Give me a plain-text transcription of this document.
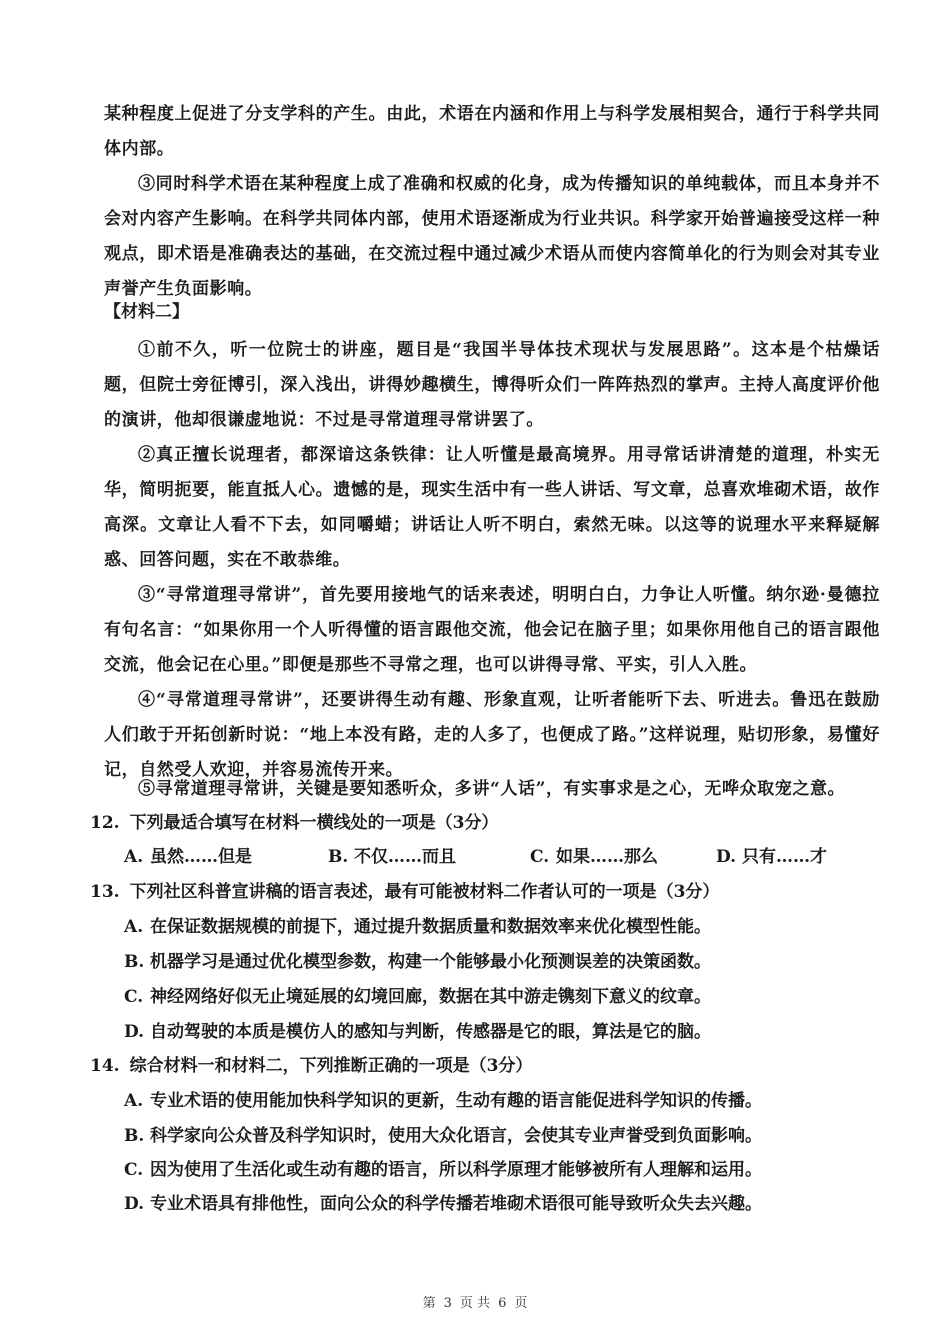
某种程度上促进了分支学科的产生。由此，术语在内涵和作用上与科学发展相契合，通行于科学共同体内部。

③同时科学术语在某种程度上成了准确和权威的化身，成为传播知识的单纯载体，而且本身并不会对内容产生影响。在科学共同体内部，使用术语逐渐成为行业共识。科学家开始普遍接受这样一种观点，即术语是准确表达的基础，在交流过程中通过减少术语从而使内容简单化的行为则会对其专业声誉产生负面影响。

【材料二】

①前不久，听一位院士的讲座，题目是“我国半导体技术现状与发展思路”。这本是个枯燥话题，但院士旁征博引，深入浅出，讲得妙趣横生，博得听众们一阵阵热烈的掌声。主持人高度评价他的演讲，他却很谦虚地说：不过是寻常道理寻常讲罢了。

②真正擅长说理者，都深谙这条铁律：让人听懂是最高境界。用寻常话讲清楚的道理，朴实无华，简明扼要，能直抵人心。遗憾的是，现实生活中有一些人讲话、写文章，总喜欢堆砌术语，故作高深。文章让人看不下去，如同嚼蜡；讲话让人听不明白，索然无味。以这等的说理水平来释疑解惑、回答问题，实在不敢恭维。

③“寻常道理寻常讲”，首先要用接地气的话来表述，明明白白，力争让人听懂。纳尔逊·曼德拉有句名言：“如果你用一个人听得懂的语言跟他交流，他会记在脑子里；如果你用他自己的语言跟他交流，他会记在心里。”即便是那些不寻常之理，也可以讲得寻常、平实，引人入胜。

④“寻常道理寻常讲”，还要讲得生动有趣、形象直观，让听者能听下去、听进去。鲁迅在鼓励人们敢于开拓创新时说：“地上本没有路，走的人多了，也便成了路。”这样说理，贴切形象，易懂好记，自然受人欢迎，并容易流传开来。

⑤寻常道理寻常讲，关键是要知悉听众，多讲“人话”，有实事求是之心，无哗众取宠之意。

12. 下列最适合填写在材料一横线处的一项是（3分）
A. 虽然……但是	B. 不仅……而且	C. 如果……那么	D. 只有……才
13. 下列社区科普宣讲稿的语言表述，最有可能被材料二作者认可的一项是（3分）
A. 在保证数据规模的前提下，通过提升数据质量和数据效率来优化模型性能。
B. 机器学习是通过优化模型参数，构建一个能够最小化预测误差的决策函数。
C. 神经网络好似无止境延展的幻境回廊，数据在其中游走镌刻下意义的纹章。
D. 自动驾驶的本质是模仿人的感知与判断，传感器是它的眼，算法是它的脑。
14. 综合材料一和材料二，下列推断正确的一项是（3分）
A. 专业术语的使用能加快科学知识的更新，生动有趣的语言能促进科学知识的传播。
B. 科学家向公众普及科学知识时，使用大众化语言，会使其专业声誉受到负面影响。
C. 因为使用了生活化或生动有趣的语言，所以科学原理才能够被所有人理解和运用。
D. 专业术语具有排他性，面向公众的科学传播若堆砌术语很可能导致听众失去兴趣。
第 3 页 共 6 页
